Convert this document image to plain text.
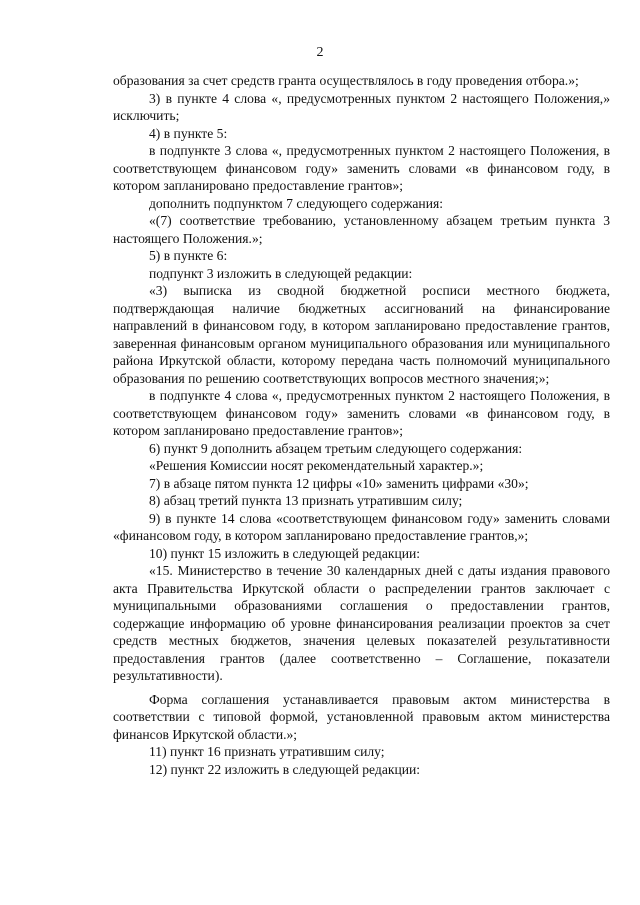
2

образования за счет средств гранта осуществлялось в году проведения отбора.»;

3) в пункте 4 слова «, предусмотренных пунктом 2 настоящего Положения,» исключить;

4) в пункте 5:

в подпункте 3 слова «, предусмотренных пунктом 2 настоящего Положения, в соответствующем финансовом году» заменить словами «в финансовом году, в котором запланировано предоставление грантов»;

дополнить подпунктом 7 следующего содержания:

«(7) соответствие требованию, установленному абзацем третьим пункта 3 настоящего Положения.»;

5) в пункте 6:

подпункт 3 изложить в следующей редакции:

«3) выписка из сводной бюджетной росписи местного бюджета, подтверждающая наличие бюджетных ассигнований на финансирование направлений в финансовом году, в котором запланировано предоставление грантов, заверенная финансовым органом муниципального образования или муниципального района Иркутской области, которому передана часть полномочий муниципального образования по решению соответствующих вопросов местного значения;»;

в подпункте 4 слова «, предусмотренных пунктом 2 настоящего Положения, в соответствующем финансовом году» заменить словами «в финансовом году, в котором запланировано предоставление грантов»;

6) пункт 9 дополнить абзацем третьим следующего содержания:

«Решения Комиссии носят рекомендательный характер.»;

7) в абзаце пятом пункта 12 цифры «10» заменить цифрами «30»;

8) абзац третий пункта 13 признать утратившим силу;

9) в пункте 14 слова «соответствующем финансовом году» заменить словами «финансовом году, в котором запланировано предоставление грантов,»;

10) пункт 15 изложить в следующей редакции:

«15. Министерство в течение 30 календарных дней с даты издания правового акта Правительства Иркутской области о распределении грантов заключает с муниципальными образованиями соглашения о предоставлении грантов, содержащие информацию об уровне финансирования реализации проектов за счет средств местных бюджетов, значения целевых показателей результативности предоставления грантов (далее соответственно – Соглашение, показатели результативности).

Форма соглашения устанавливается правовым актом министерства в соответствии с типовой формой, установленной правовым актом министерства финансов Иркутской области.»;

11) пункт 16 признать утратившим силу;

12) пункт 22 изложить в следующей редакции:
